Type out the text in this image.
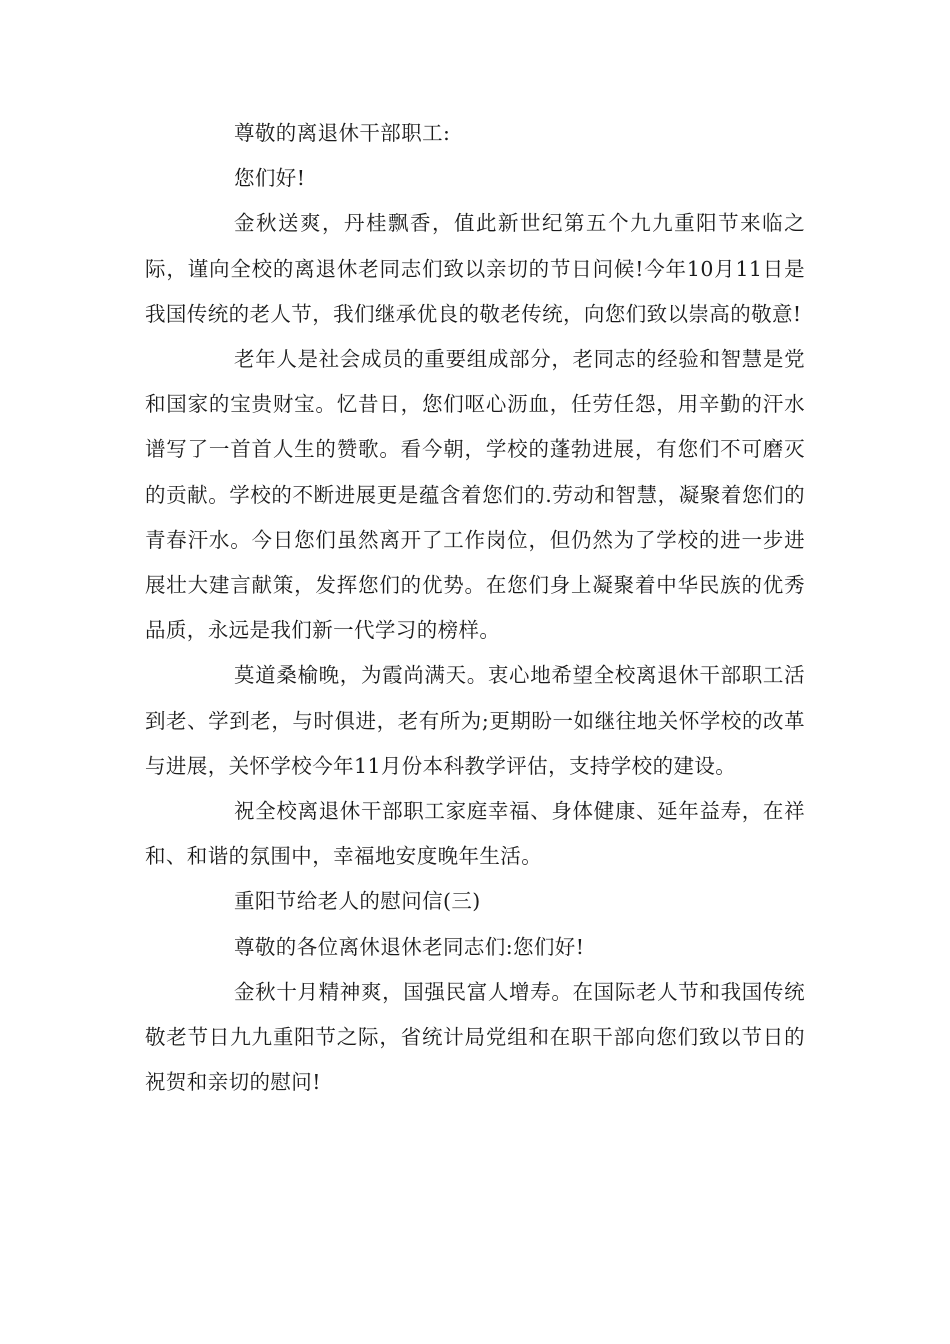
尊敬的离退休干部职工:

您们好!

金秋送爽，丹桂飘香，值此新世纪第五个九九重阳节来临之际，谨向全校的离退休老同志们致以亲切的节日问候!今年10月11日是我国传统的老人节，我们继承优良的敬老传统，向您们致以崇高的敬意!

老年人是社会成员的重要组成部分，老同志的经验和智慧是党和国家的宝贵财宝。忆昔日，您们呕心沥血，任劳任怨，用辛勤的汗水谱写了一首首人生的赞歌。看今朝，学校的蓬勃进展，有您们不可磨灭的贡献。学校的不断进展更是蕴含着您们的.劳动和智慧，凝聚着您们的青春汗水。今日您们虽然离开了工作岗位，但仍然为了学校的进一步进展壮大建言献策，发挥您们的优势。在您们身上凝聚着中华民族的优秀品质，永远是我们新一代学习的榜样。

莫道桑榆晚，为霞尚满天。衷心地希望全校离退休干部职工活到老、学到老，与时俱进，老有所为;更期盼一如继往地关怀学校的改革与进展，关怀学校今年11月份本科教学评估，支持学校的建设。

祝全校离退休干部职工家庭幸福、身体健康、延年益寿，在祥和、和谐的氛围中，幸福地安度晚年生活。

重阳节给老人的慰问信(三)

尊敬的各位离休退休老同志们:您们好!

金秋十月精神爽，国强民富人增寿。在国际老人节和我国传统敬老节日九九重阳节之际，省统计局党组和在职干部向您们致以节日的祝贺和亲切的慰问!
